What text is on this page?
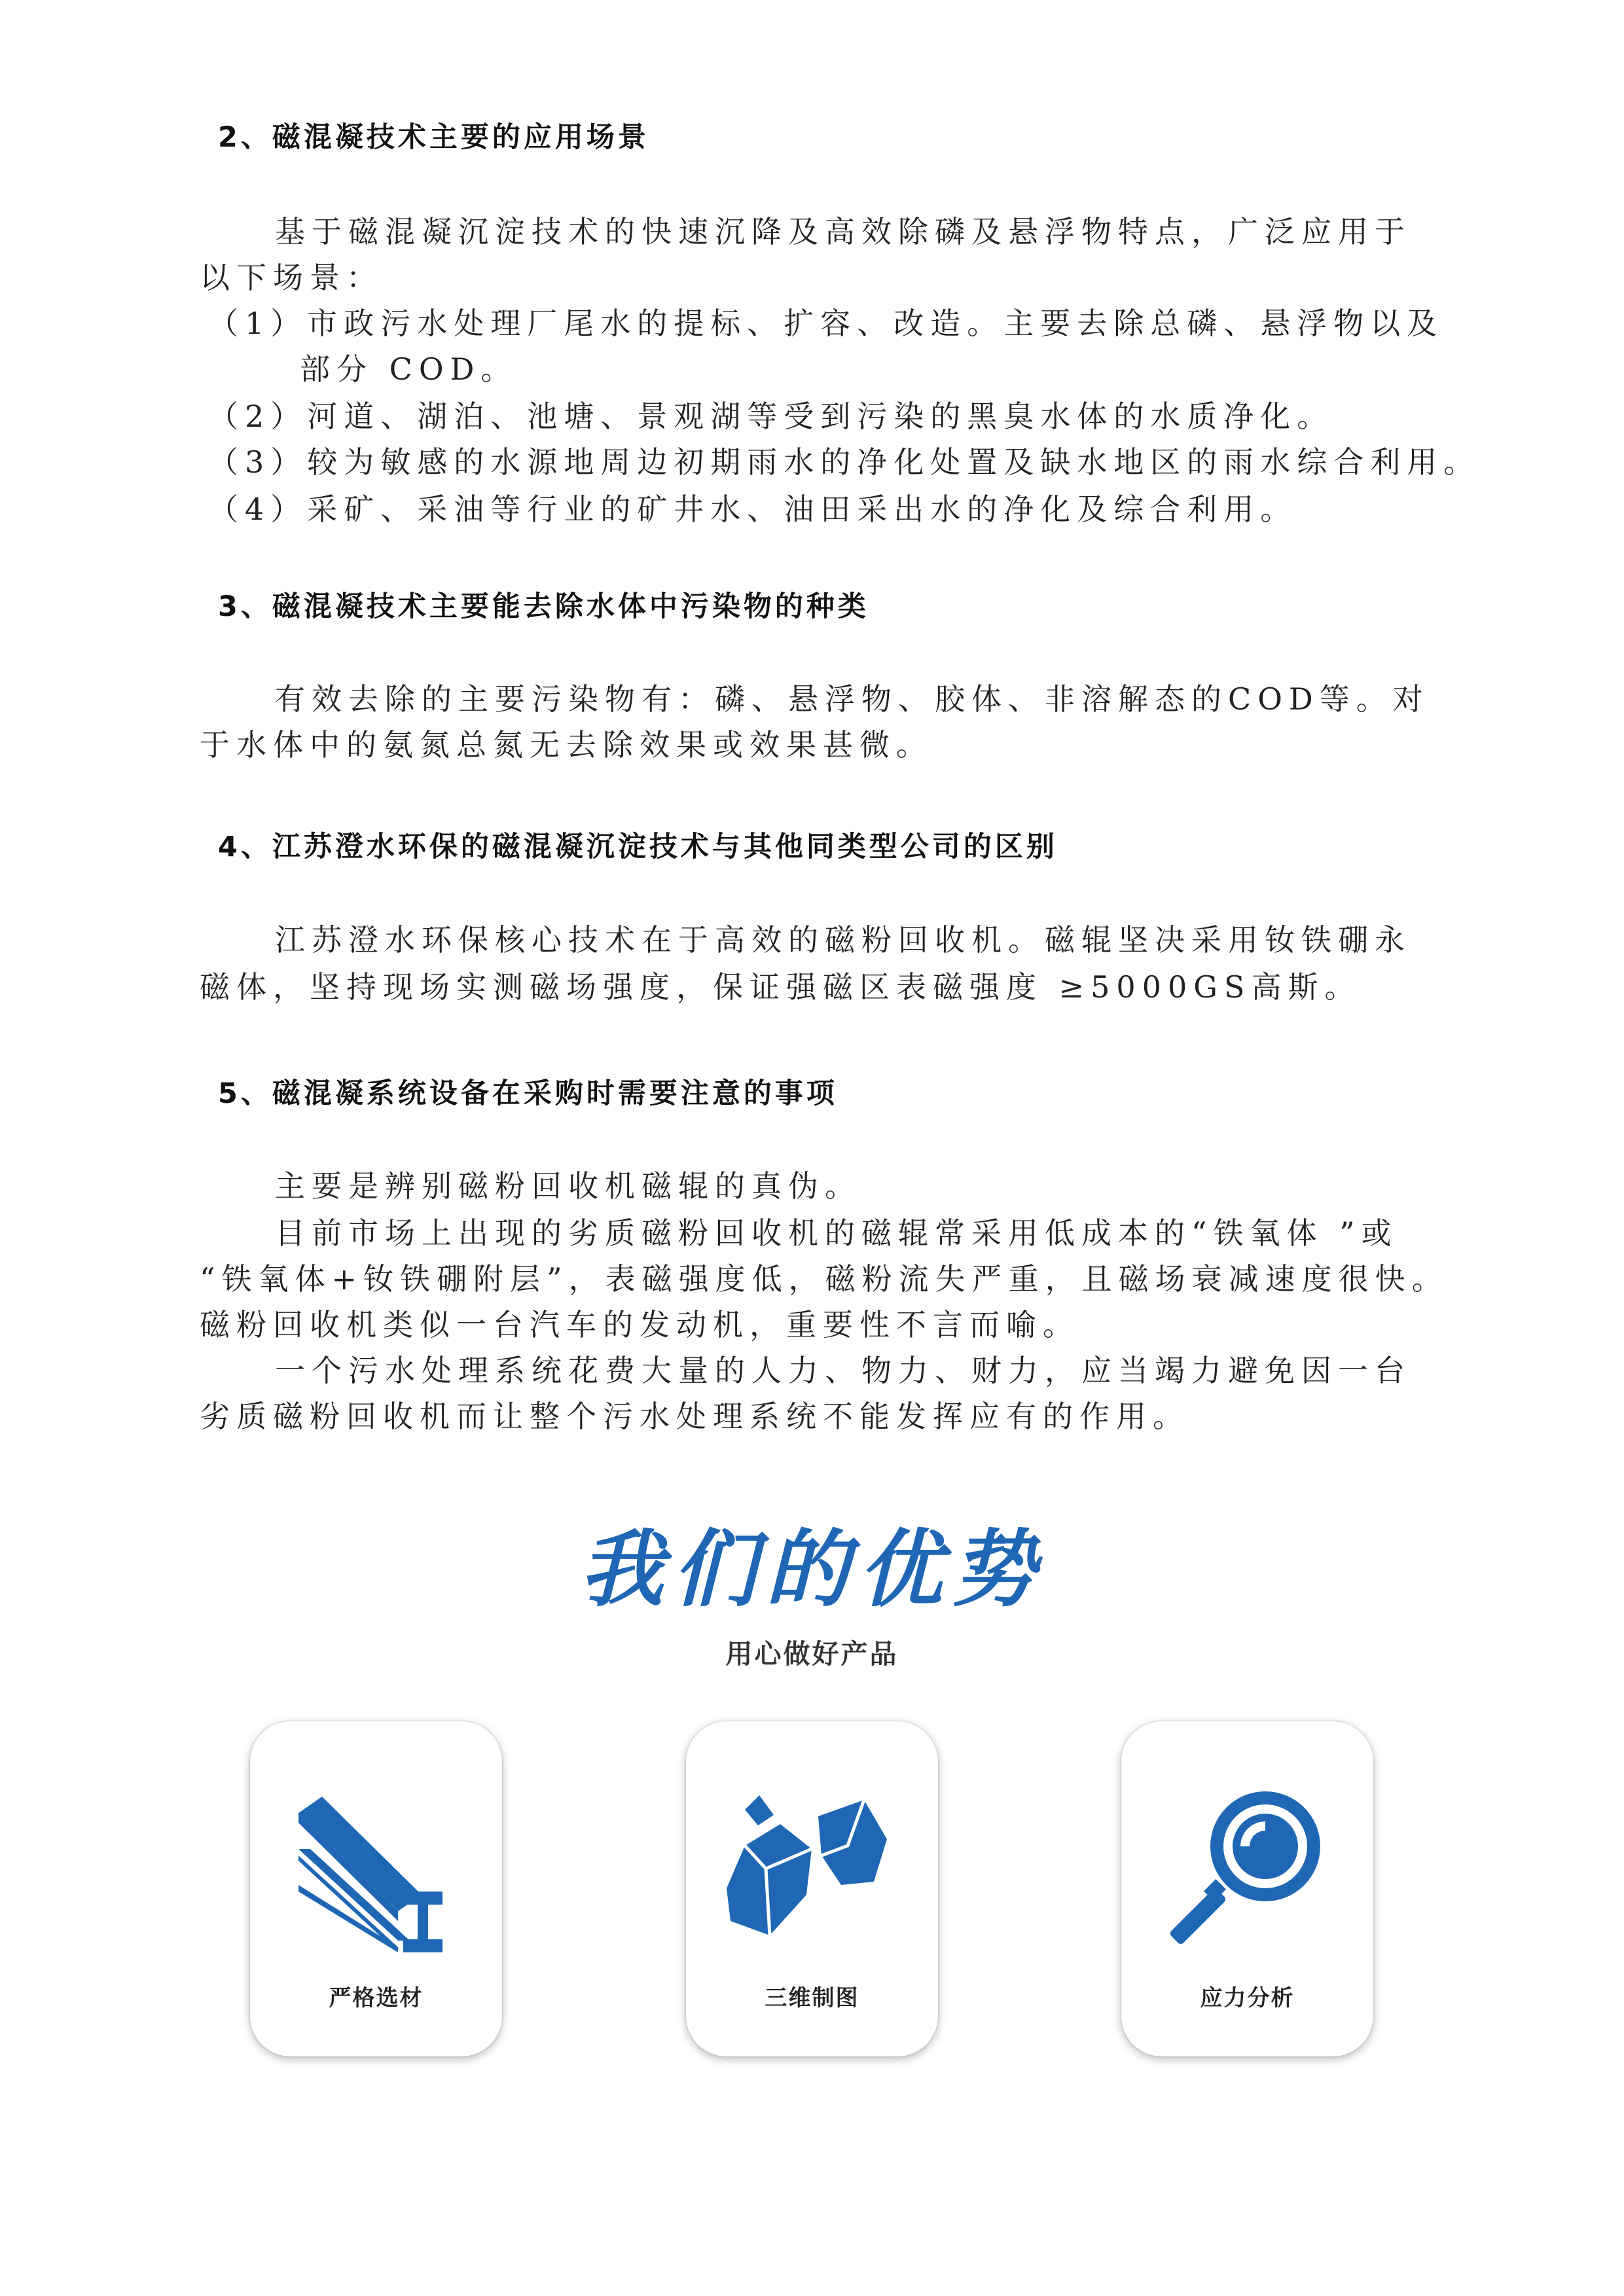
2、磁混凝技术主要的应用场景
基于磁混凝沉淀技术的快速沉降及高效除磷及悬浮物特点，广泛应用于
以下场景：
（1）市政污水处理厂尾水的提标、扩容、改造。主要去除总磷、悬浮物以及
部分 COD。
（2）河道、湖泊、池塘、景观湖等受到污染的黑臭水体的水质净化。
（3）较为敏感的水源地周边初期雨水的净化处置及缺水地区的雨水综合利用。
（4）采矿、采油等行业的矿井水、油田采出水的净化及综合利用。
3、磁混凝技术主要能去除水体中污染物的种类
有效去除的主要污染物有：磷、悬浮物、胶体、非溶解态的COD等。对
于水体中的氨氮总氮无去除效果或效果甚微。
4、江苏澄水环保的磁混凝沉淀技术与其他同类型公司的区别
江苏澄水环保核心技术在于高效的磁粉回收机。磁辊坚决采用钕铁硼永
磁体，坚持现场实测磁场强度，保证强磁区表磁强度 ≥5000GS高斯。
5、磁混凝系统设备在采购时需要注意的事项
主要是辨别磁粉回收机磁辊的真伪。
目前市场上出现的劣质磁粉回收机的磁辊常采用低成本的“铁氧体 ”或
“铁氧体+钕铁硼附层”，表磁强度低，磁粉流失严重，且磁场衰减速度很快。
磁粉回收机类似一台汽车的发动机，重要性不言而喻。
一个污水处理系统花费大量的人力、物力、财力，应当竭力避免因一台
劣质磁粉回收机而让整个污水处理系统不能发挥应有的作用。
我们的优势
用心做好产品
严格选材	三维制图	应力分析
